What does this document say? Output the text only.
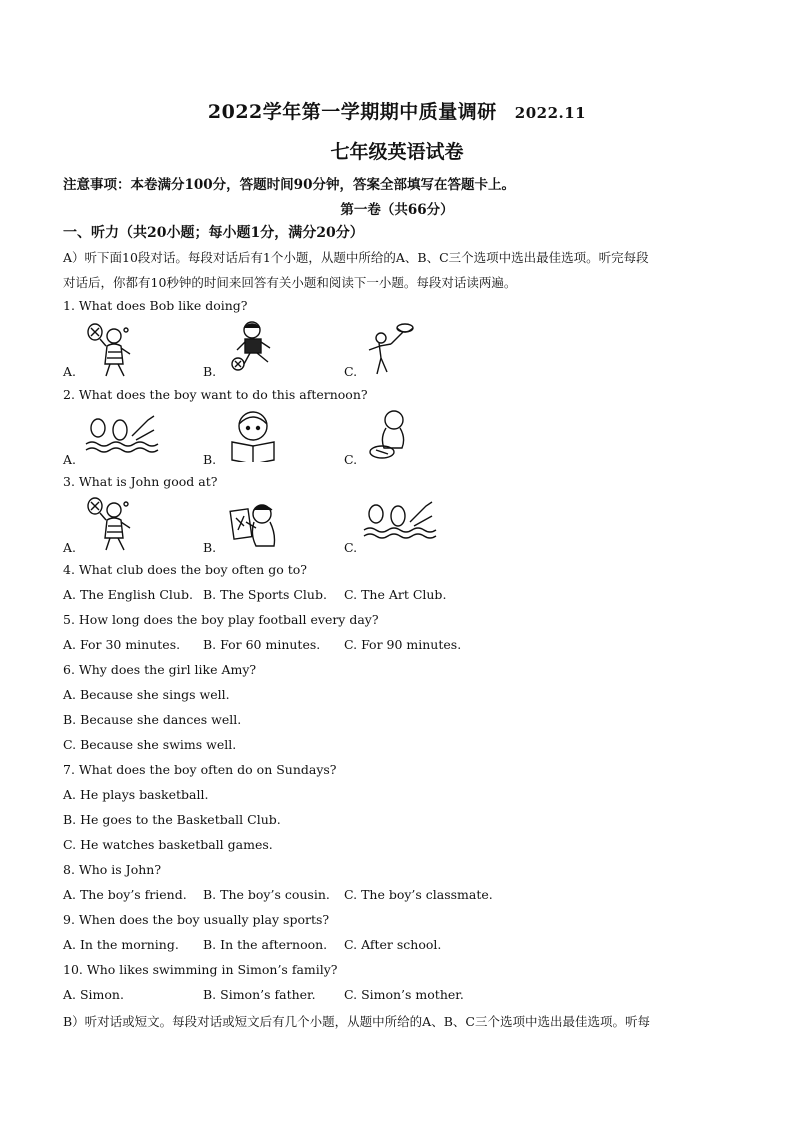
2022学年第一学期期中质量调研 2022.11
七年级英语试卷
注意事项：本卷满分100分，答题时间90分钟，答案全部填写在答题卡上。
第一卷（共66分）
一、听力（共20小题；每小题1分，满分20分）
A）听下面10段对话。每段对话后有1个小题，从题中所给的A、B、C三个选项中选出最佳选项。听完每段
对话后，你都有10秒钟的时间来回答有关小题和阅读下一小题。每段对话读两遍。
1. What does Bob like doing?
A.	B.	C.
2. What does the boy want to do this afternoon?
A.	B.	C.
3. What is John good at?
A.	B.	C.
4. What club does the boy often go to?
A. The English Club. B. The Sports Club. C. The Art Club.
5. How long does the boy play football every day?
A. For 30 minutes. B. For 60 minutes. C. For 90 minutes.
6. Why does the girl like Amy?
A. Because she sings well.
B. Because she dances well.
C. Because she swims well.
7. What does the boy often do on Sundays?
A. He plays basketball.
B. He goes to the Basketball Club.
C. He watches basketball games.
8. Who is John?
A. The boy’s friend. B. The boy’s cousin. C. The boy’s classmate.
9. When does the boy usually play sports?
A. In the morning. B. In the afternoon. C. After school.
10. Who likes swimming in Simon’s family?
A. Simon.	B. Simon’s father. C. Simon’s mother.
B）听对话或短文。每段对话或短文后有几个小题，从题中所给的A、B、C三个选项中选出最佳选项。听每
